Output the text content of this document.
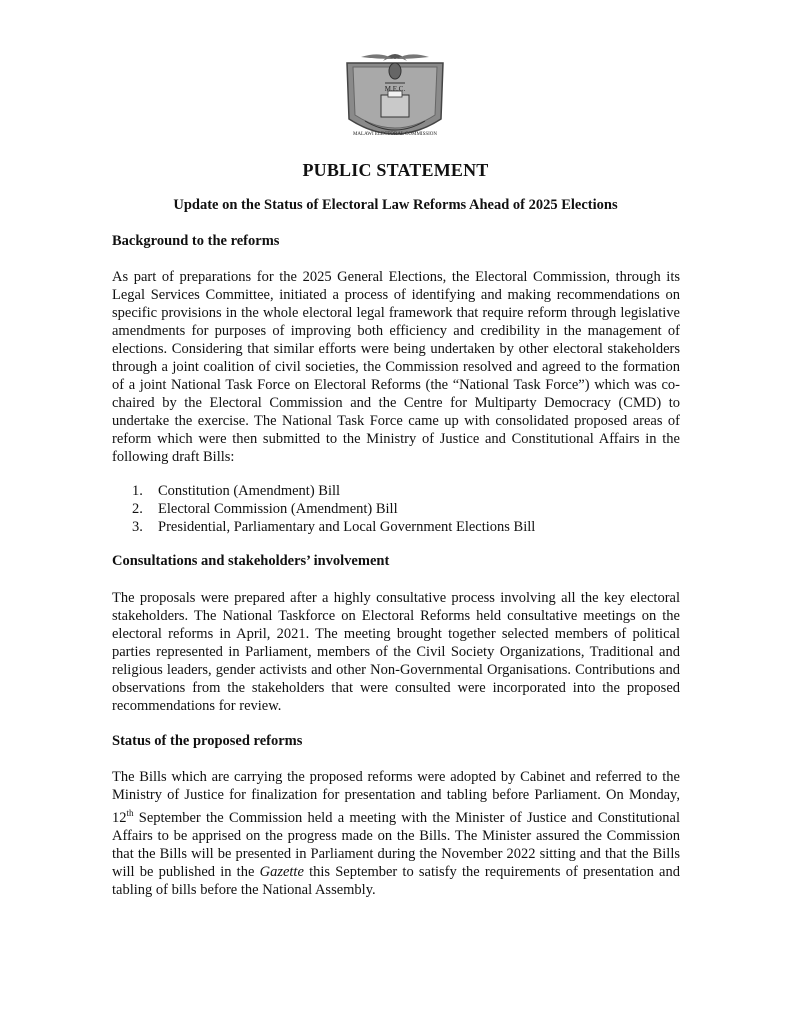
M.E.C.
MALAWI ELECTORAL COMMISSION
PUBLIC STATEMENT
Update on the Status of Electoral Law Reforms Ahead of 2025 Elections
Background to the reforms

As part of preparations for the 2025 General Elections, the Electoral Commission, through its Legal Services Committee, initiated a process of identifying and making recommendations on specific provisions in the whole electoral legal framework that require reform through legislative amendments for purposes of improving both efficiency and credibility in the management of elections. Considering that similar efforts were being undertaken by other electoral stakeholders through a joint coalition of civil societies, the Commission resolved and agreed to the formation of a joint National Task Force on Electoral Reforms (the “National Task Force”) which was co-chaired by the Electoral Commission and the Centre for Multiparty Democracy (CMD) to undertake the exercise. The National Task Force came up with consolidated proposed areas of reform which were then submitted to the Ministry of Justice and Constitutional Affairs in the following draft Bills:

1. Constitution (Amendment) Bill
2. Electoral Commission (Amendment) Bill
3. Presidential, Parliamentary and Local Government Elections Bill
Consultations and stakeholders’ involvement

The proposals were prepared after a highly consultative process involving all the key electoral stakeholders. The National Taskforce on Electoral Reforms held consultative meetings on the electoral reforms in April, 2021. The meeting brought together selected members of political parties represented in Parliament, members of the Civil Society Organizations, Traditional and religious leaders, gender activists and other Non-Governmental Organisations. Contributions and observations from the stakeholders that were consulted were incorporated into the proposed recommendations for review.

Status of the proposed reforms

The Bills which are carrying the proposed reforms were adopted by Cabinet and referred to the Ministry of Justice for finalization for presentation and tabling before Parliament. On Monday, 12th September the Commission held a meeting with the Minister of Justice and Constitutional Affairs to be apprised on the progress made on the Bills. The Minister assured the Commission that the Bills will be presented in Parliament during the November 2022 sitting and that the Bills will be published in the Gazette this September to satisfy the requirements of presentation and tabling of bills before the National Assembly.
